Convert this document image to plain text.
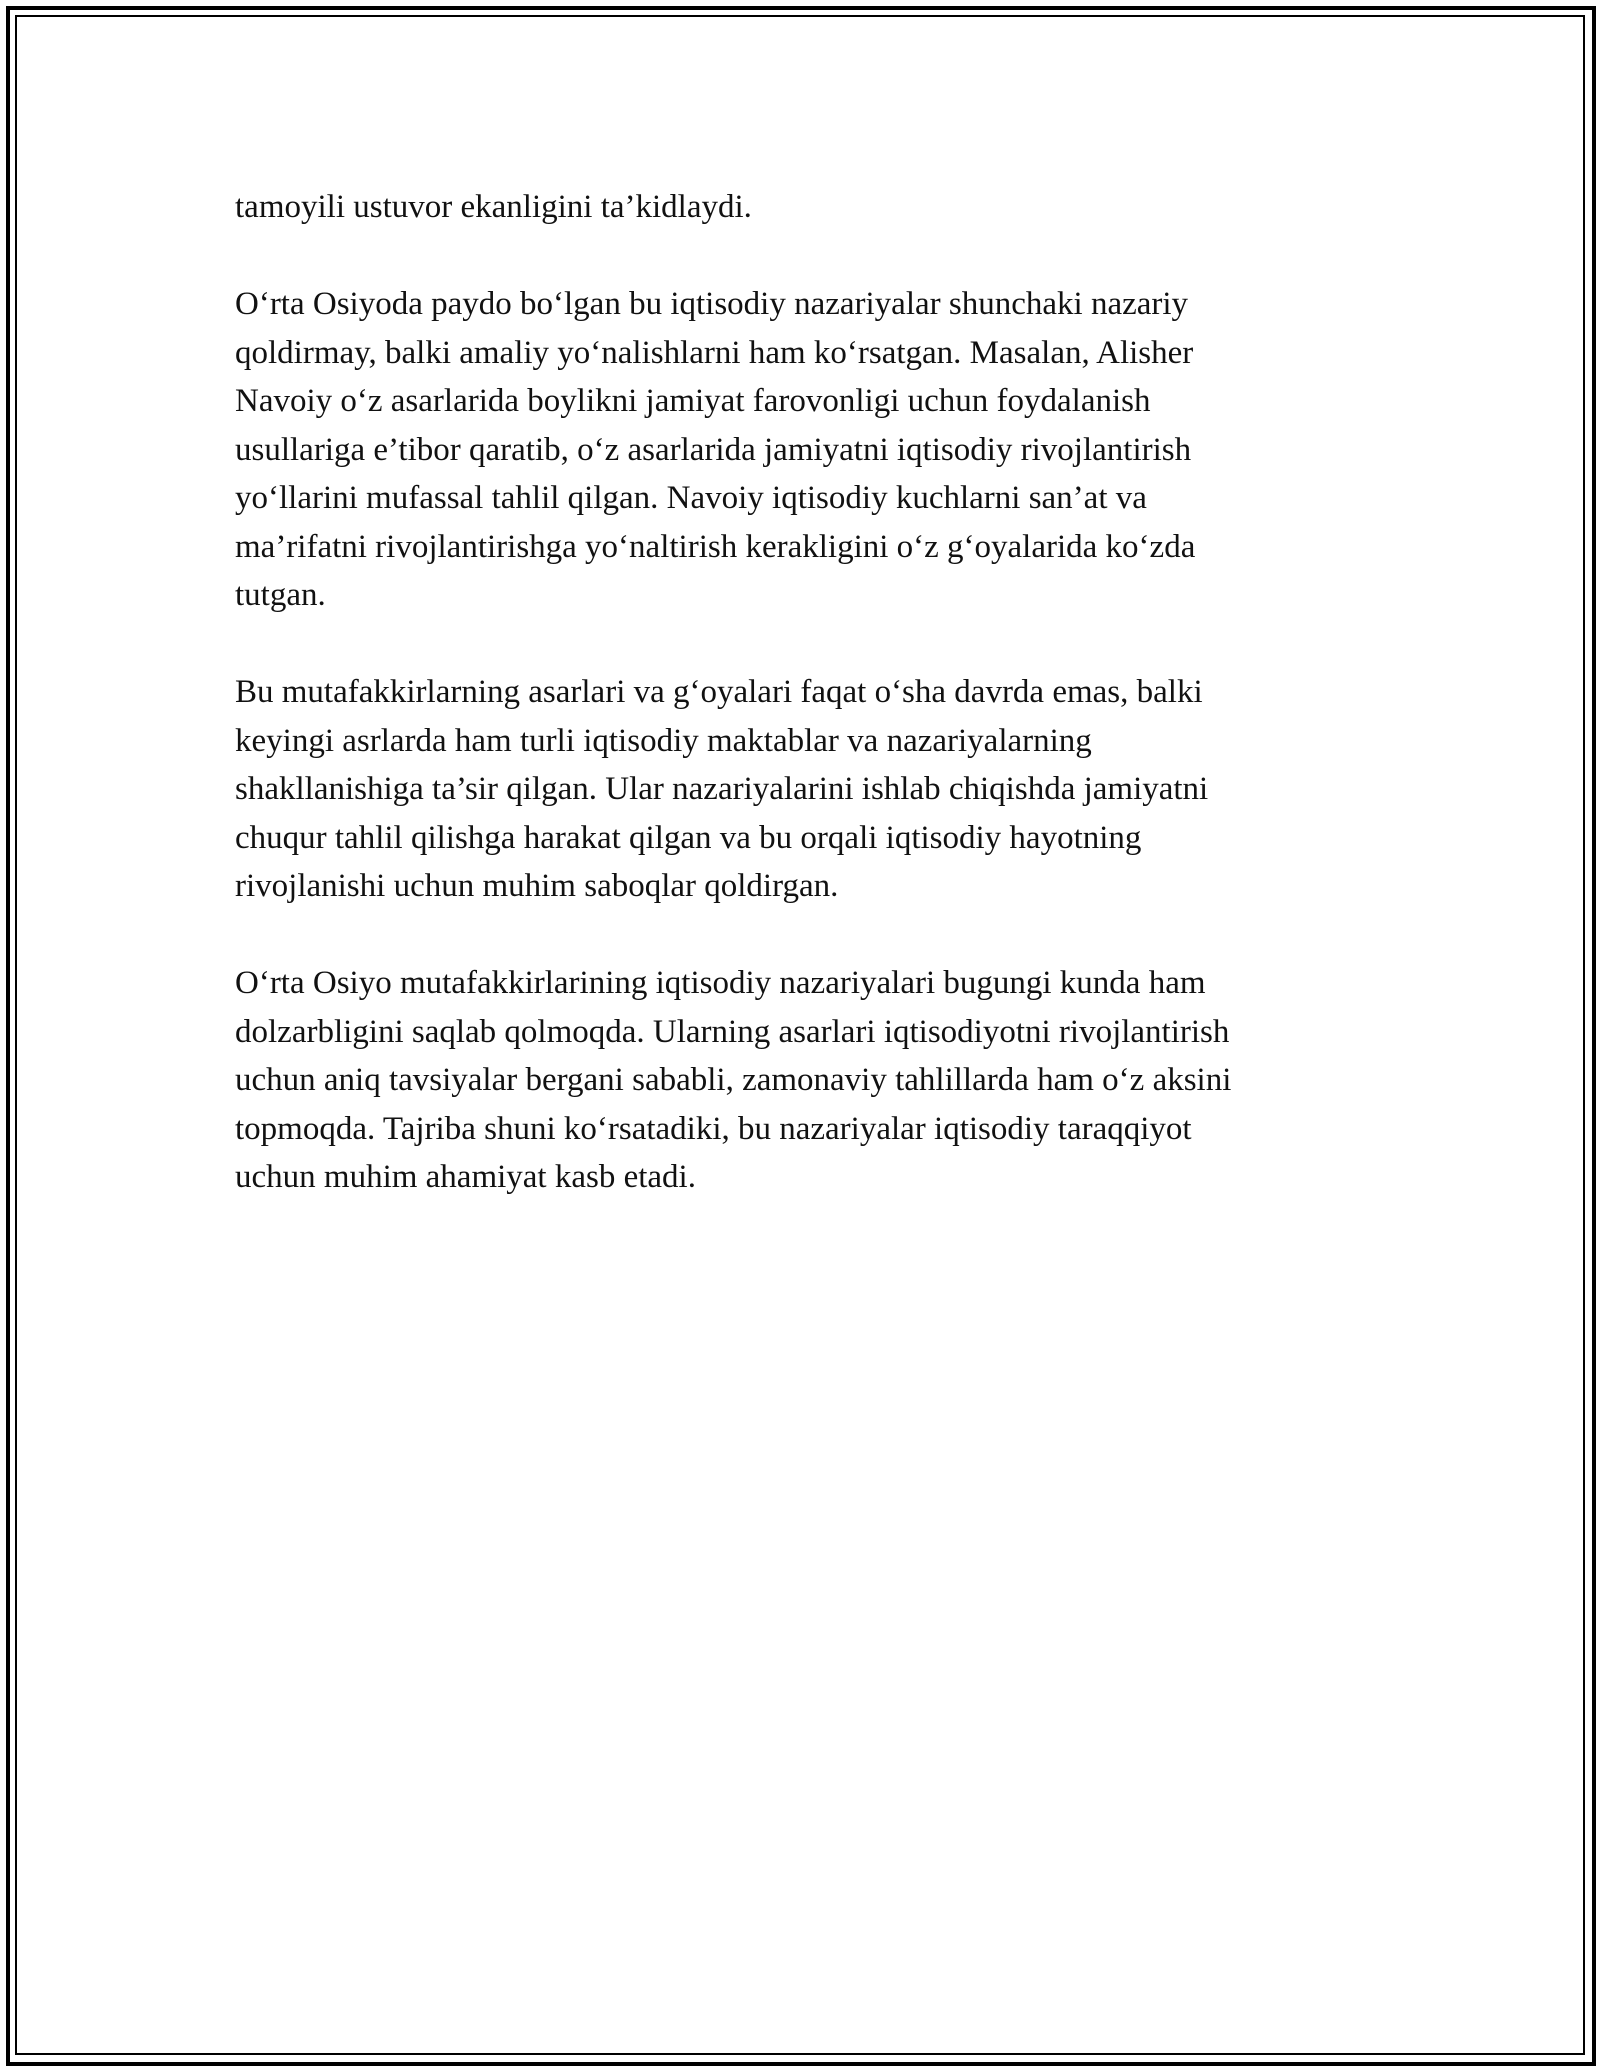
tamoyili ustuvor ekanligini ta’kidlaydi.

O‘rta Osiyoda paydo bo‘lgan bu iqtisodiy nazariyalar shunchaki nazariy
qoldirmay, balki amaliy yo‘nalishlarni ham ko‘rsatgan. Masalan, Alisher
Navoiy o‘z asarlarida boylikni jamiyat farovonligi uchun foydalanish
usullariga e’tibor qaratib, o‘z asarlarida jamiyatni iqtisodiy rivojlantirish
yo‘llarini mufassal tahlil qilgan. Navoiy iqtisodiy kuchlarni san’at va
ma’rifatni rivojlantirishga yo‘naltirish kerakligini o‘z g‘oyalarida ko‘zda
tutgan.

Bu mutafakkirlarning asarlari va g‘oyalari faqat o‘sha davrda emas, balki
keyingi asrlarda ham turli iqtisodiy maktablar va nazariyalarning
shakllanishiga ta’sir qilgan. Ular nazariyalarini ishlab chiqishda jamiyatni
chuqur tahlil qilishga harakat qilgan va bu orqali iqtisodiy hayotning
rivojlanishi uchun muhim saboqlar qoldirgan.

O‘rta Osiyo mutafakkirlarining iqtisodiy nazariyalari bugungi kunda ham
dolzarbligini saqlab qolmoqda. Ularning asarlari iqtisodiyotni rivojlantirish
uchun aniq tavsiyalar bergani sababli, zamonaviy tahlillarda ham o‘z aksini
topmoqda. Tajriba shuni ko‘rsatadiki, bu nazariyalar iqtisodiy taraqqiyot
uchun muhim ahamiyat kasb etadi.
